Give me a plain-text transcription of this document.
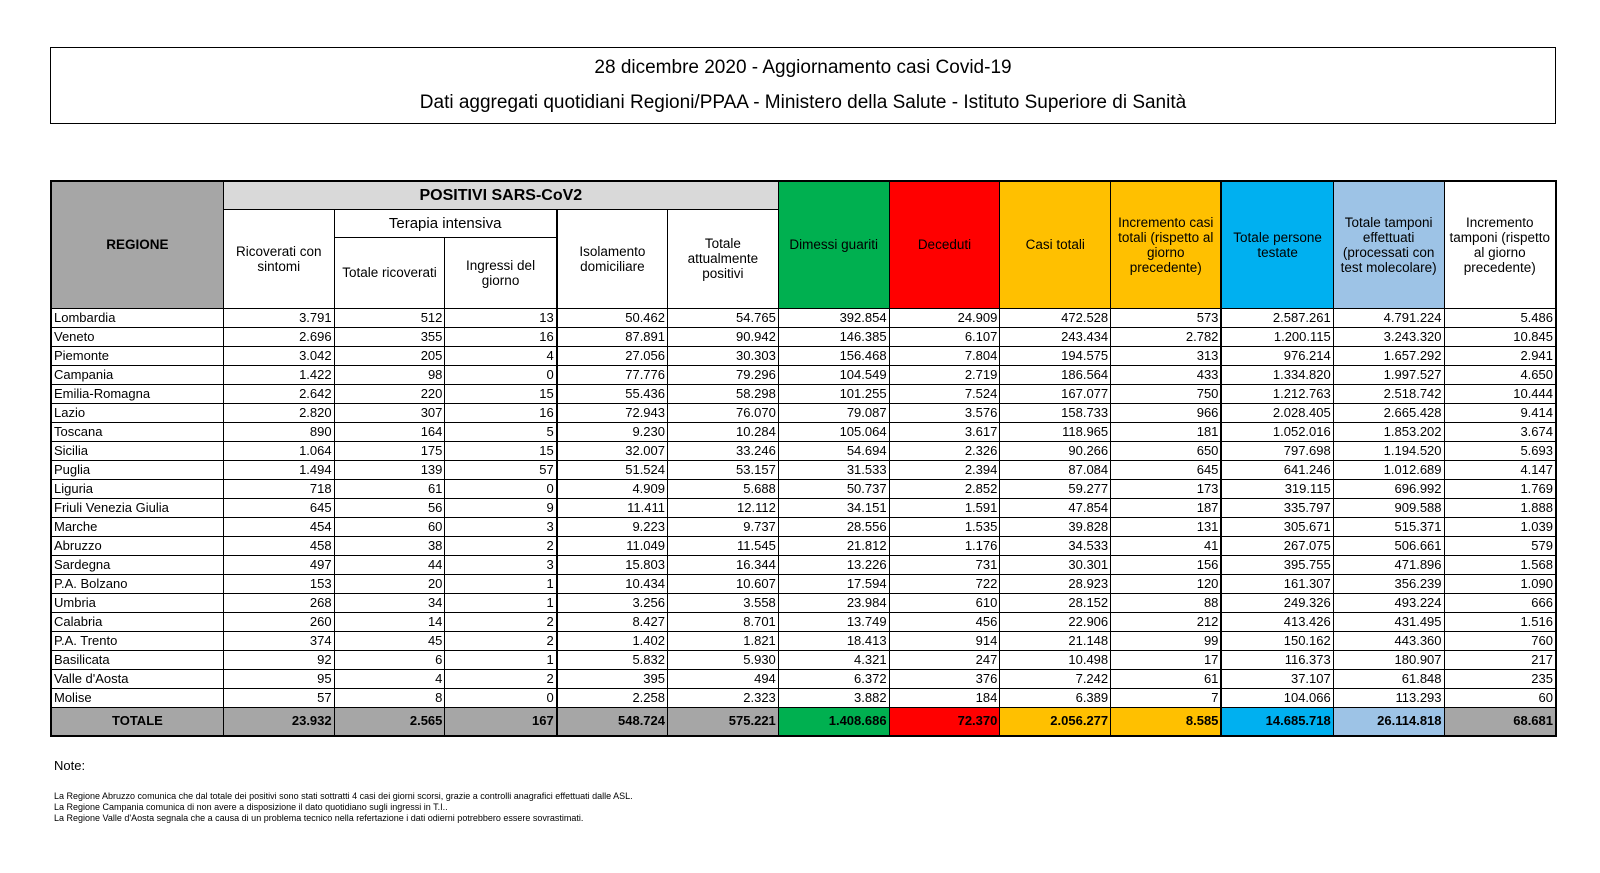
28 dicembre 2020 - Aggiornamento casi Covid-19
Dati aggregati quotidiani Regioni/PPAA - Ministero della Salute - Istituto Superiore di Sanità
REGIONE	POSITIVI SARS-CoV2					Dimessi guariti	Deceduti	Casi totali	Incremento casi totali (rispetto al giorno precedente)	Totale persone testate	Totale tamponi effettuati (processati con test molecolare)	Incremento tamponi (rispetto al giorno precedente)
	Ricoverati con sintomi	Terapia intensiva		Isolamento domiciliare	Totale attualmente positivi							
		Totale ricoverati	Ingressi del giorno									
Lombardia	3.791	512	13	50.462	54.765	392.854	24.909	472.528	573	2.587.261	4.791.224	5.486
Veneto	2.696	355	16	87.891	90.942	146.385	6.107	243.434	2.782	1.200.115	3.243.320	10.845
Piemonte	3.042	205	4	27.056	30.303	156.468	7.804	194.575	313	976.214	1.657.292	2.941
Campania	1.422	98	0	77.776	79.296	104.549	2.719	186.564	433	1.334.820	1.997.527	4.650
Emilia-Romagna	2.642	220	15	55.436	58.298	101.255	7.524	167.077	750	1.212.763	2.518.742	10.444
Lazio	2.820	307	16	72.943	76.070	79.087	3.576	158.733	966	2.028.405	2.665.428	9.414
Toscana	890	164	5	9.230	10.284	105.064	3.617	118.965	181	1.052.016	1.853.202	3.674
Sicilia	1.064	175	15	32.007	33.246	54.694	2.326	90.266	650	797.698	1.194.520	5.693
Puglia	1.494	139	57	51.524	53.157	31.533	2.394	87.084	645	641.246	1.012.689	4.147
Liguria	718	61	0	4.909	5.688	50.737	2.852	59.277	173	319.115	696.992	1.769
Friuli Venezia Giulia	645	56	9	11.411	12.112	34.151	1.591	47.854	187	335.797	909.588	1.888
Marche	454	60	3	9.223	9.737	28.556	1.535	39.828	131	305.671	515.371	1.039
Abruzzo	458	38	2	11.049	11.545	21.812	1.176	34.533	41	267.075	506.661	579
Sardegna	497	44	3	15.803	16.344	13.226	731	30.301	156	395.755	471.896	1.568
P.A. Bolzano	153	20	1	10.434	10.607	17.594	722	28.923	120	161.307	356.239	1.090
Umbria	268	34	1	3.256	3.558	23.984	610	28.152	88	249.326	493.224	666
Calabria	260	14	2	8.427	8.701	13.749	456	22.906	212	413.426	431.495	1.516
P.A. Trento	374	45	2	1.402	1.821	18.413	914	21.148	99	150.162	443.360	760
Basilicata	92	6	1	5.832	5.930	4.321	247	10.498	17	116.373	180.907	217
Valle d'Aosta	95	4	2	395	494	6.372	376	7.242	61	37.107	61.848	235
Molise	57	8	0	2.258	2.323	3.882	184	6.389	7	104.066	113.293	60
TOTALE	23.932	2.565	167	548.724	575.221	1.408.686	72.370	2.056.277	8.585	14.685.718	26.114.818	68.681
Note:
La Regione Abruzzo comunica che dal totale dei positivi sono stati sottratti 4 casi dei giorni scorsi, grazie a controlli anagrafici effettuati dalle ASL.
La Regione Campania comunica di non avere a disposizione il dato quotidiano sugli ingressi in T.I..
La Regione Valle d'Aosta segnala che a causa di un problema tecnico nella refertazione i dati odierni potrebbero essere sovrastimati.
